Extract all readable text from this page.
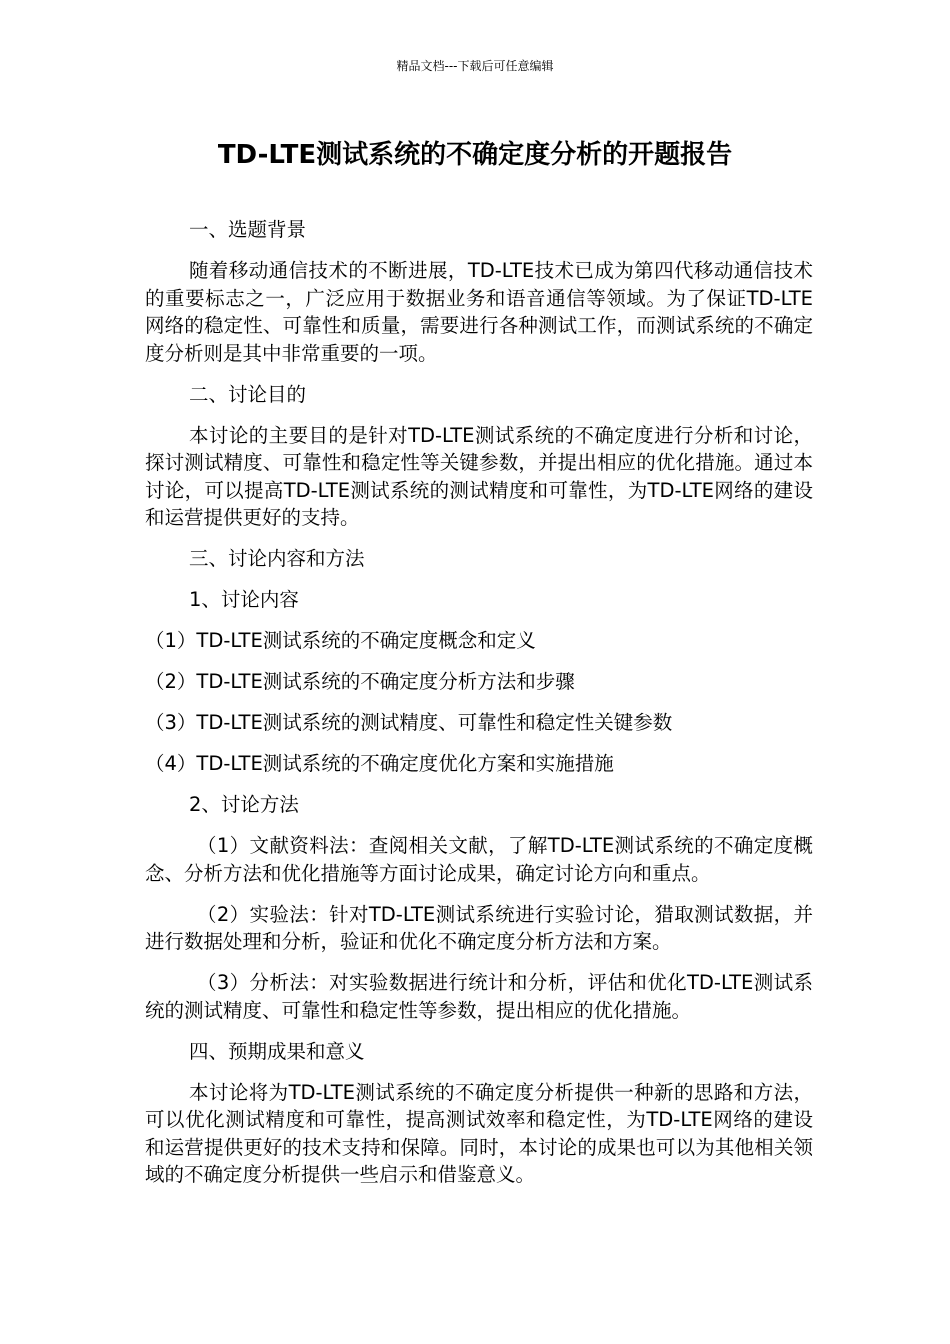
精品文档---下载后可任意编辑
TD-LTE测试系统的不确定度分析的开题报告

一、选题背景

随着移动通信技术的不断进展，TD-LTE技术已成为第四代移动通信技术的重要标志之一，广泛应用于数据业务和语音通信等领域。为了保证TD-LTE网络的稳定性、可靠性和质量，需要进行各种测试工作，而测试系统的不确定度分析则是其中非常重要的一项。

二、讨论目的

本讨论的主要目的是针对TD-LTE测试系统的不确定度进行分析和讨论，探讨测试精度、可靠性和稳定性等关键参数，并提出相应的优化措施。通过本讨论，可以提高TD-LTE测试系统的测试精度和可靠性，为TD-LTE网络的建设和运营提供更好的支持。

三、讨论内容和方法

1、讨论内容

（1）TD-LTE测试系统的不确定度概念和定义

（2）TD-LTE测试系统的不确定度分析方法和步骤

（3）TD-LTE测试系统的测试精度、可靠性和稳定性关键参数

（4）TD-LTE测试系统的不确定度优化方案和实施措施

2、讨论方法

（1）文献资料法：查阅相关文献，了解TD-LTE测试系统的不确定度概念、分析方法和优化措施等方面讨论成果，确定讨论方向和重点。

（2）实验法：针对TD-LTE测试系统进行实验讨论，猎取测试数据，并进行数据处理和分析，验证和优化不确定度分析方法和方案。

（3）分析法：对实验数据进行统计和分析，评估和优化TD-LTE测试系统的测试精度、可靠性和稳定性等参数，提出相应的优化措施。

四、预期成果和意义

本讨论将为TD-LTE测试系统的不确定度分析提供一种新的思路和方法，可以优化测试精度和可靠性，提高测试效率和稳定性，为TD-LTE网络的建设和运营提供更好的技术支持和保障。同时，本讨论的成果也可以为其他相关领域的不确定度分析提供一些启示和借鉴意义。
